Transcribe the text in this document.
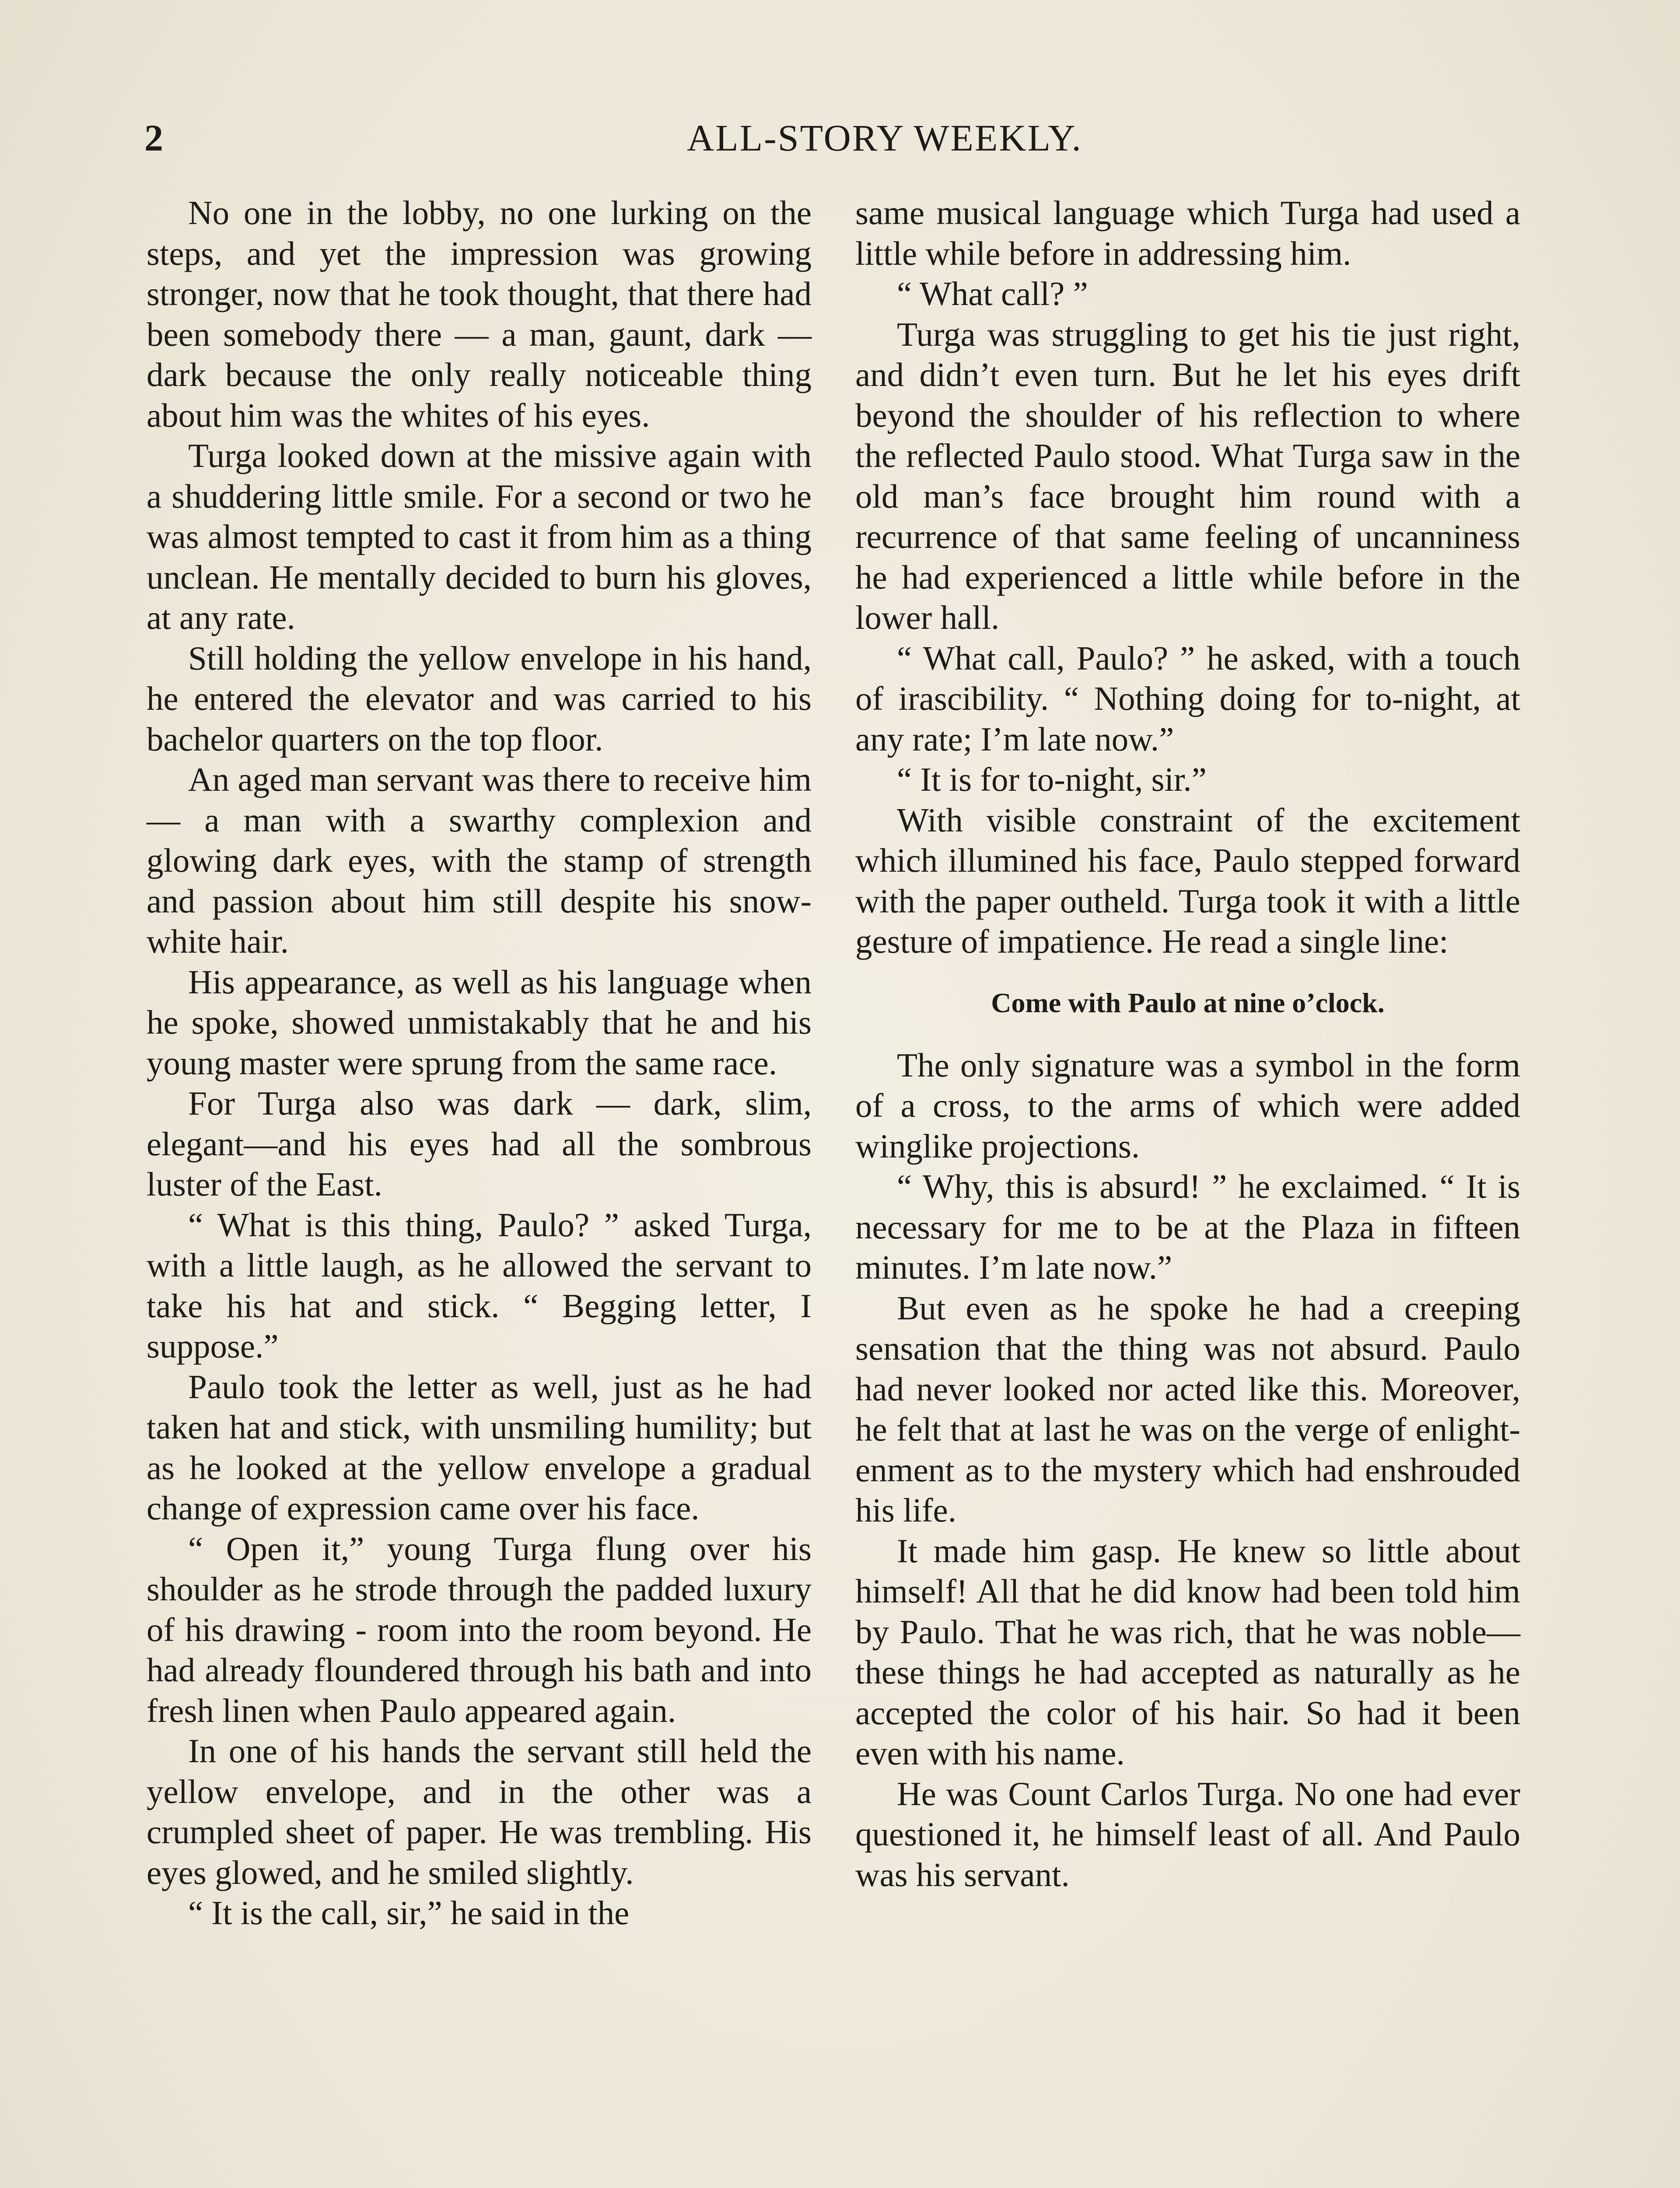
2	ALL-STORY WEEKLY.

No one in the lobby, no one lurking on the steps, and yet the impression was growing stronger, now that he took thought, that there had been somebody there — a man, gaunt, dark —dark because the only really noticeable thing about him was the whites of his eyes.

Turga looked down at the missive again with a shuddering little smile. For a second or two he was almost tempted to cast it from him as a thing unclean. He mentally decided to burn his gloves, at any rate.

Still holding the yellow envelope in his hand, he entered the elevator and was carried to his bachelor quarters on the top floor.

An aged man servant was there to receive him — a man with a swarthy complexion and glowing dark eyes, with the stamp of strength and passion about him still despite his snow-white hair.

His appearance, as well as his language when he spoke, showed unmistakably that he and his young master were sprung from the same race.

For Turga also was dark — dark, slim, elegant—and his eyes had all the sombrous luster of the East.

“ What is this thing, Paulo? ” asked Turga, with a little laugh, as he allowed the servant to take his hat and stick. “ Begging letter, I suppose.”

Paulo took the letter as well, just as he had taken hat and stick, with unsmiling humility; but as he looked at the yellow envelope a gradual change of expression came over his face.

“ Open it,” young Turga flung over his shoulder as he strode through the padded luxury of his drawing - room into the room beyond. He had already floundered through his bath and into fresh linen when Paulo appeared again.

In one of his hands the servant still held the yellow envelope, and in the other was a crumpled sheet of paper. He was trembling. His eyes glowed, and he smiled slightly.

“ It is the call, sir,” he said in the

same musical language which Turga had used a little while before in addressing him.

“ What call? ”

Turga was struggling to get his tie just right, and didn’t even turn. But he let his eyes drift beyond the shoulder of his reflection to where the reflected Paulo stood. What Turga saw in the old man’s face brought him round with a recurrence of that same feeling of uncanniness he had experienced a little while before in the lower hall.

“ What call, Paulo? ” he asked, with a touch of irascibility. “ Nothing doing for to-night, at any rate; I’m late now.”

“ It is for to-night, sir.”

With visible constraint of the excitement which illumined his face, Paulo stepped forward with the paper outheld. Turga took it with a little gesture of impatience. He read a single line:

Come with Paulo at nine o’clock.

The only signature was a symbol in the form of a cross, to the arms of which were added winglike projections.

“ Why, this is absurd! ” he exclaimed. “ It is necessary for me to be at the Plaza in fifteen minutes. I’m late now.”

But even as he spoke he had a creeping sensation that the thing was not absurd. Paulo had never looked nor acted like this. Moreover, he felt that at last he was on the verge of enlightenment as to the mystery which had enshrouded his life.

It made him gasp. He knew so little about himself! All that he did know had been told him by Paulo. That he was rich, that he was noble— these things he had accepted as naturally as he accepted the color of his hair. So had it been even with his name.

He was Count Carlos Turga. No one had ever questioned it, he himself least of all. And Paulo was his servant.
